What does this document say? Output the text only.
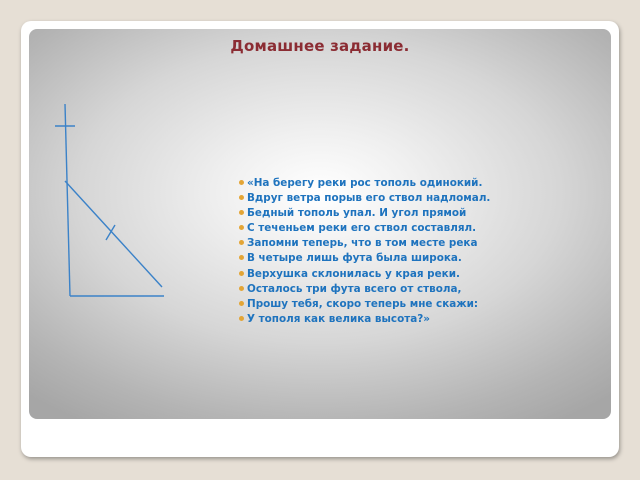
Домашнее задание.
«На берегу реки рос тополь одинокий.
Вдруг ветра порыв его ствол надломал.
Бедный тополь упал. И угол прямой
С теченьем реки его ствол составлял.
Запомни теперь, что в том месте река
В четыре лишь фута была широка.
Верхушка склонилась у края реки.
Осталось три фута всего от ствола,
Прошу тебя, скоро теперь мне скажи:
У тополя как велика высота?»
